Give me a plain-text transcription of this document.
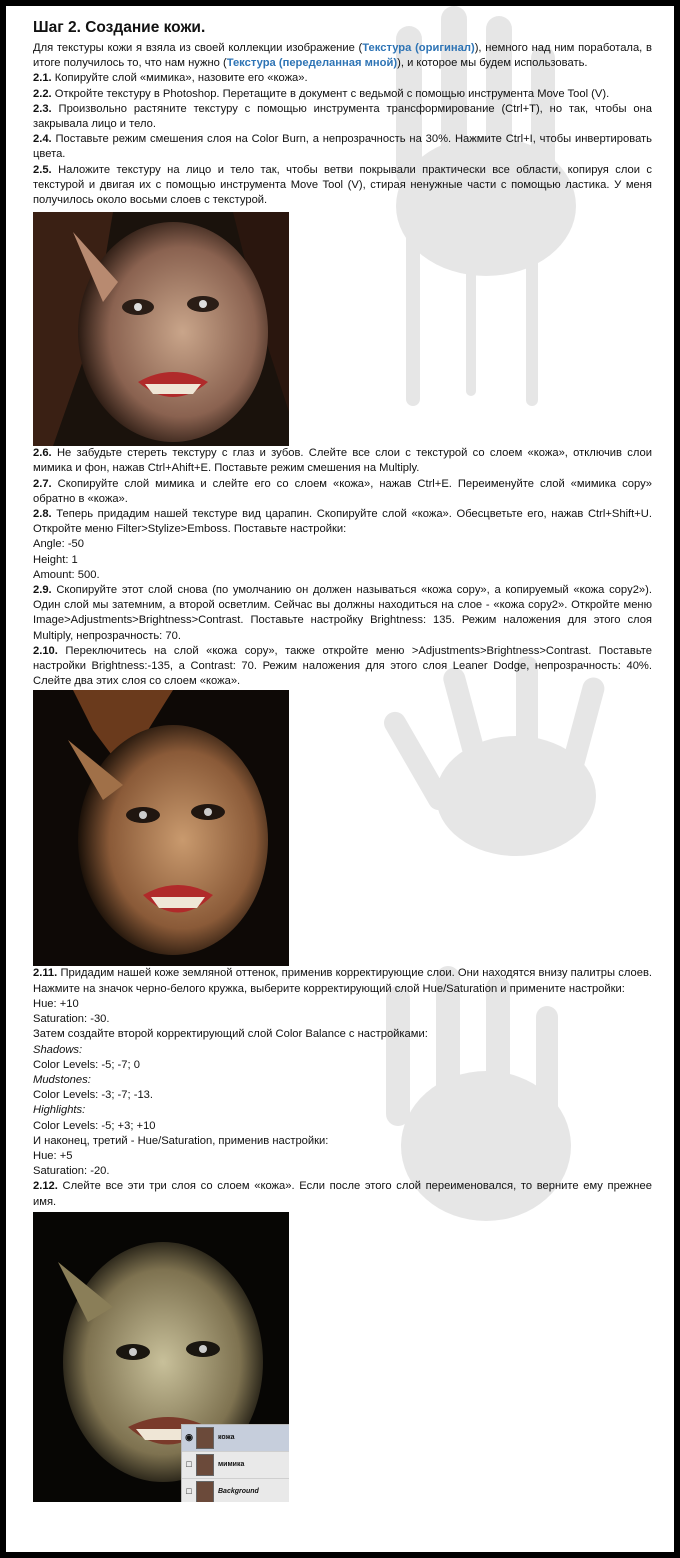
Шаг 2. Создание кожи.

Для текстуры кожи я взяла из своей коллекции изображение (Текстура (оригинал)), немного над ним поработала, в итоге получилось то, что нам нужно (Текстура (переделанная мной)), и которое мы будем использовать.

2.1. Копируйте слой «мимика», назовите его «кожа».

2.2. Откройте текстуру в Photoshop. Перетащите в документ с ведьмой с помощью инструмента Move Tool (V).

2.3. Произвольно растяните текстуру с помощью инструмента трансформирование (Ctrl+T), но так, чтобы она закрывала лицо и тело.

2.4. Поставьте режим смешения слоя на Color Burn, а непрозрачность на 30%. Нажмите Ctrl+I, чтобы инвертировать цвета.

2.5. Наложите текстуру на лицо и тело так, чтобы ветви покрывали практически все области, копируя слои с текстурой и двигая их с помощью инструмента Move Tool (V), стирая ненужные части с помощью ластика. У меня получилось около восьми слоев с текстурой.

2.6. Не забудьте стереть текстуру с глаз и зубов. Слейте все слои с текстурой со слоем «кожа», отключив слои мимика и фон, нажав Ctrl+Ahift+E. Поставьте режим смешения на Multiply.

2.7. Скопируйте слой мимика и слейте его со слоем «кожа», нажав Ctrl+E. Переименуйте слой «мимика copy» обратно в «кожа».

2.8. Теперь придадим нашей текстуре вид царапин. Скопируйте слой «кожа». Обесцветьте его, нажав Ctrl+Shift+U. Откройте меню Filter>Stylize>Emboss. Поставьте настройки:

Angle: -50

Height: 1

Amount: 500.

2.9. Скопируйте этот слой снова (по умолчанию он должен называться «кожа copy», а копируемый «кожа copy2»). Один слой мы затемним, а второй осветлим. Сейчас вы должны находиться на слое - «кожа copy2». Откройте меню Image>Adjustments>Brightness>Contrast. Поставьте настройку Brightness: 135. Режим наложения для этого слоя Multiply, непрозрачность: 70.

2.10. Переключитесь на слой «кожа copy», также откройте меню >Adjustments>Brightness>Contrast. Поставьте настройки Brightness:-135, а Contrast: 70. Режим наложения для этого слоя Leaner Dodge, непрозрачность: 40%. Слейте два этих слоя со слоем «кожа».

2.11. Придадим нашей коже земляной оттенок, применив корректирующие слои. Они находятся внизу палитры слоев. Нажмите на значок черно-белого кружка, выберите корректирующий слой Hue/Saturation и примените настройки:

Hue: +10

Saturation: -30.

Затем создайте второй корректирующий слой Color Balance с настройками:

Shadows:

Color Levels: -5; -7; 0

Mudstones:

Color Levels: -3; -7; -13.

Highlights:

Color Levels: -5; +3; +10

И наконец, третий - Hue/Saturation, применив настройки:

Hue: +5

Saturation: -20.

2.12. Слейте все эти три слоя со слоем «кожа». Если после этого слой переименовался, то верните ему прежнее имя.

◉	кожа
□	мимика
□	Background
